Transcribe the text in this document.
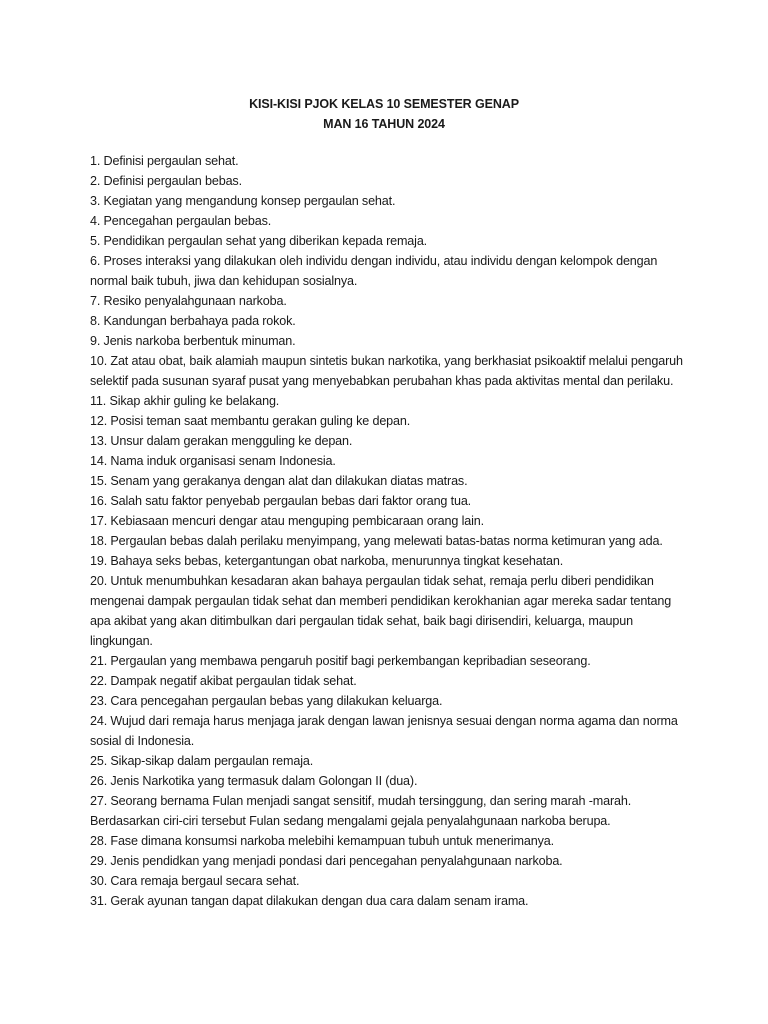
KISI-KISI PJOK KELAS 10 SEMESTER GENAP
MAN 16 TAHUN 2024

1. Definisi pergaulan sehat.

2. Definisi pergaulan bebas.

3. Kegiatan yang mengandung konsep pergaulan sehat.

4. Pencegahan pergaulan bebas.

5. Pendidikan pergaulan sehat yang diberikan kepada remaja.

6. Proses interaksi yang dilakukan oleh individu dengan individu, atau individu dengan kelompok dengan normal baik tubuh, jiwa dan kehidupan sosialnya.

7. Resiko penyalahgunaan narkoba.

8. Kandungan berbahaya pada rokok.

9. Jenis narkoba berbentuk minuman.

10. Zat atau obat, baik alamiah maupun sintetis bukan narkotika, yang berkhasiat psikoaktif melalui pengaruh selektif pada susunan syaraf pusat yang menyebabkan perubahan khas pada aktivitas mental dan perilaku.

11. Sikap akhir guling ke belakang.

12. Posisi teman saat membantu gerakan guling ke depan.

13. Unsur dalam gerakan mengguling ke depan.

14. Nama induk organisasi senam Indonesia.

15. Senam yang gerakanya dengan alat dan dilakukan diatas matras.

16. Salah satu faktor penyebab pergaulan bebas dari faktor orang tua.

17. Kebiasaan mencuri dengar atau menguping pembicaraan orang lain.

18. Pergaulan bebas dalah perilaku menyimpang, yang melewati batas-batas norma ketimuran yang ada.

19. Bahaya seks bebas, ketergantungan obat narkoba, menurunnya tingkat kesehatan.

20. Untuk menumbuhkan kesadaran akan bahaya pergaulan tidak sehat, remaja perlu diberi pendidikan mengenai dampak pergaulan tidak sehat dan memberi pendidikan kerokhanian agar mereka sadar tentang apa akibat yang akan ditimbulkan dari pergaulan tidak sehat, baik bagi dirisendiri, keluarga, maupun lingkungan.

21. Pergaulan yang membawa pengaruh positif bagi perkembangan kepribadian seseorang.

22. Dampak negatif akibat pergaulan tidak sehat.

23. Cara pencegahan pergaulan bebas yang dilakukan keluarga.

24. Wujud dari remaja harus menjaga jarak dengan lawan jenisnya sesuai dengan norma agama dan norma sosial di Indonesia.

25. Sikap-sikap dalam pergaulan remaja.

26. Jenis Narkotika yang termasuk dalam Golongan II (dua).

27. Seorang bernama Fulan menjadi sangat sensitif, mudah tersinggung, dan sering marah -marah. Berdasarkan ciri-ciri tersebut Fulan sedang mengalami gejala penyalahgunaan narkoba berupa.

28. Fase dimana konsumsi narkoba melebihi kemampuan tubuh untuk menerimanya.

29. Jenis pendidkan yang menjadi pondasi dari pencegahan penyalahgunaan narkoba.

30. Cara remaja bergaul secara sehat.

31. Gerak ayunan tangan dapat dilakukan dengan dua cara dalam senam irama.
